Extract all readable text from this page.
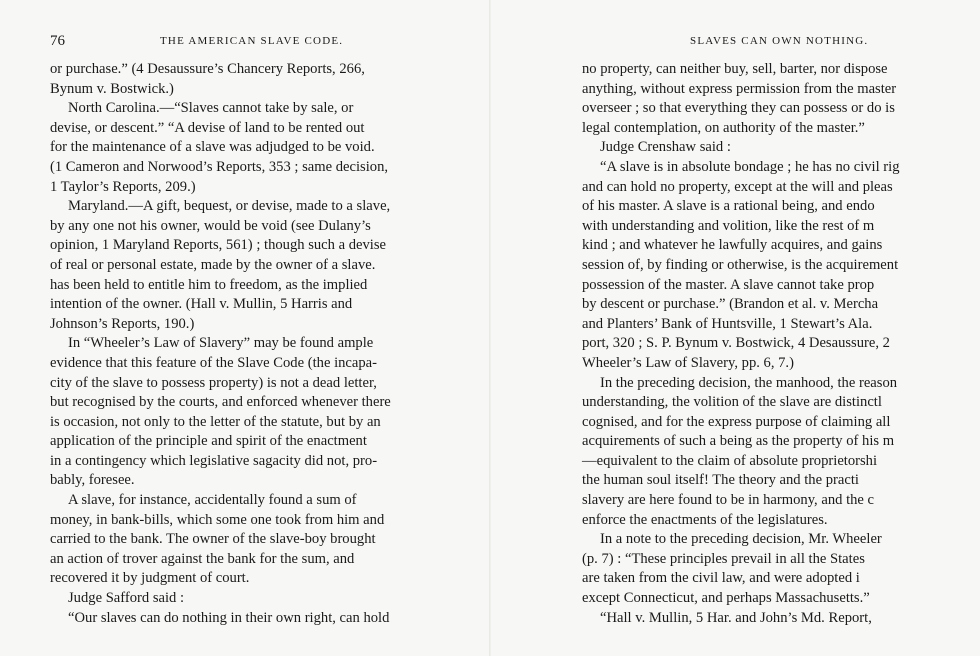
76	THE AMERICAN SLAVE CODE.
or purchase.” (4 Desaussure’s Chancery Reports, 266,
Bynum v. Bostwick.)
North Carolina.—“Slaves cannot take by sale, or
devise, or descent.” “A devise of land to be rented out
for the maintenance of a slave was adjudged to be void.
(1 Cameron and Norwood’s Reports, 353 ; same decision,
1 Taylor’s Reports, 209.)
Maryland.—A gift, bequest, or devise, made to a slave,
by any one not his owner, would be void (see Dulany’s
opinion, 1 Maryland Reports, 561) ; though such a devise
of real or personal estate, made by the owner of a slave.
has been held to entitle him to freedom, as the implied
intention of the owner. (Hall v. Mullin, 5 Harris and
Johnson’s Reports, 190.)
In “Wheeler’s Law of Slavery” may be found ample
evidence that this feature of the Slave Code (the incapa-
city of the slave to possess property) is not a dead letter,
but recognised by the courts, and enforced whenever there
is occasion, not only to the letter of the statute, but by an
application of the principle and spirit of the enactment
in a contingency which legislative sagacity did not, pro-
bably, foresee.
A slave, for instance, accidentally found a sum of
money, in bank-bills, which some one took from him and
carried to the bank. The owner of the slave-boy brought
an action of trover against the bank for the sum, and
recovered it by judgment of court.
Judge Safford said :
“Our slaves can do nothing in their own right, can hold
SLAVES CAN OWN NOTHING.
no property, can neither buy, sell, barter, nor dispose
anything, without express permission from the master
overseer ; so that everything they can possess or do is
legal contemplation, on authority of the master.”
Judge Crenshaw said :
“A slave is in absolute bondage ; he has no civil rig
and can hold no property, except at the will and pleas
of his master. A slave is a rational being, and endo
with understanding and volition, like the rest of m
kind ; and whatever he lawfully acquires, and gains
session of, by finding or otherwise, is the acquirement
possession of the master. A slave cannot take prop
by descent or purchase.” (Brandon et al. v. Mercha
and Planters’ Bank of Huntsville, 1 Stewart’s Ala.
port, 320 ; S. P. Bynum v. Bostwick, 4 Desaussure, 2
Wheeler’s Law of Slavery, pp. 6, 7.)
In the preceding decision, the manhood, the reason
understanding, the volition of the slave are distinctl
cognised, and for the express purpose of claiming all
acquirements of such a being as the property of his m
—equivalent to the claim of absolute proprietorshi
the human soul itself! The theory and the practi
slavery are here found to be in harmony, and the c
enforce the enactments of the legislatures.
In a note to the preceding decision, Mr. Wheeler
(p. 7) : “These principles prevail in all the States
are taken from the civil law, and were adopted i
except Connecticut, and perhaps Massachusetts.”
“Hall v. Mullin, 5 Har. and John’s Md. Report,
